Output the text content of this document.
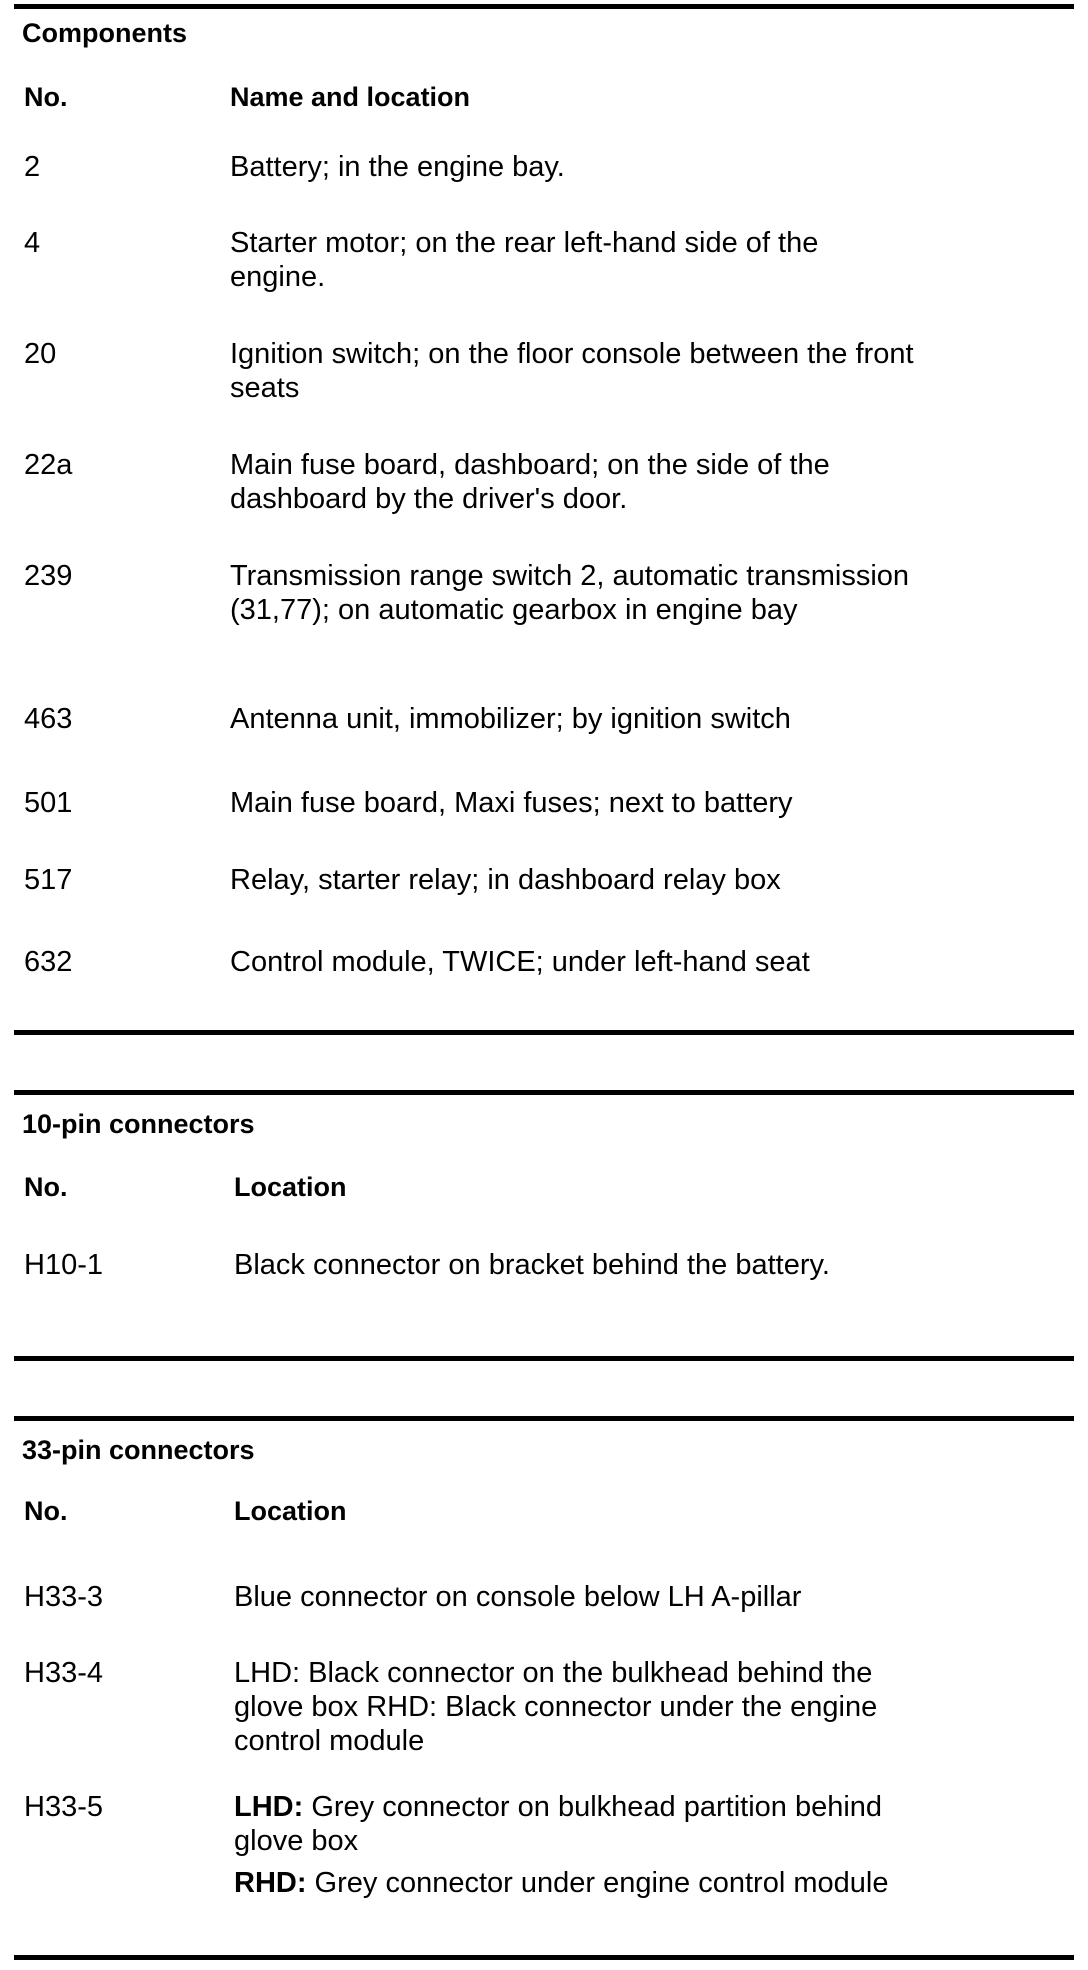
Components
No.	Name and location
2	Battery; in the engine bay.
4	Starter motor; on the rear left-hand side of the engine.
20	Ignition switch; on the floor console between the front seats
22a	Main fuse board, dashboard; on the side of the dashboard by the driver's door.
239	Transmission range switch 2, automatic transmission (31,77); on automatic gearbox in engine bay
463	Antenna unit, immobilizer; by ignition switch
501	Main fuse board, Maxi fuses; next to battery
517	Relay, starter relay; in dashboard relay box
632	Control module, TWICE; under left-hand seat
10-pin connectors
No.	Location
H10-1	Black connector on bracket behind the battery.
33-pin connectors
No.	Location
H33-3	Blue connector on console below LH A-pillar
H33-4	LHD: Black connector on the bulkhead behind the glove box RHD: Black connector under the engine control module
H33-5	LHD: Grey connector on bulkhead partition behind glove box
RHD: Grey connector under engine control module
